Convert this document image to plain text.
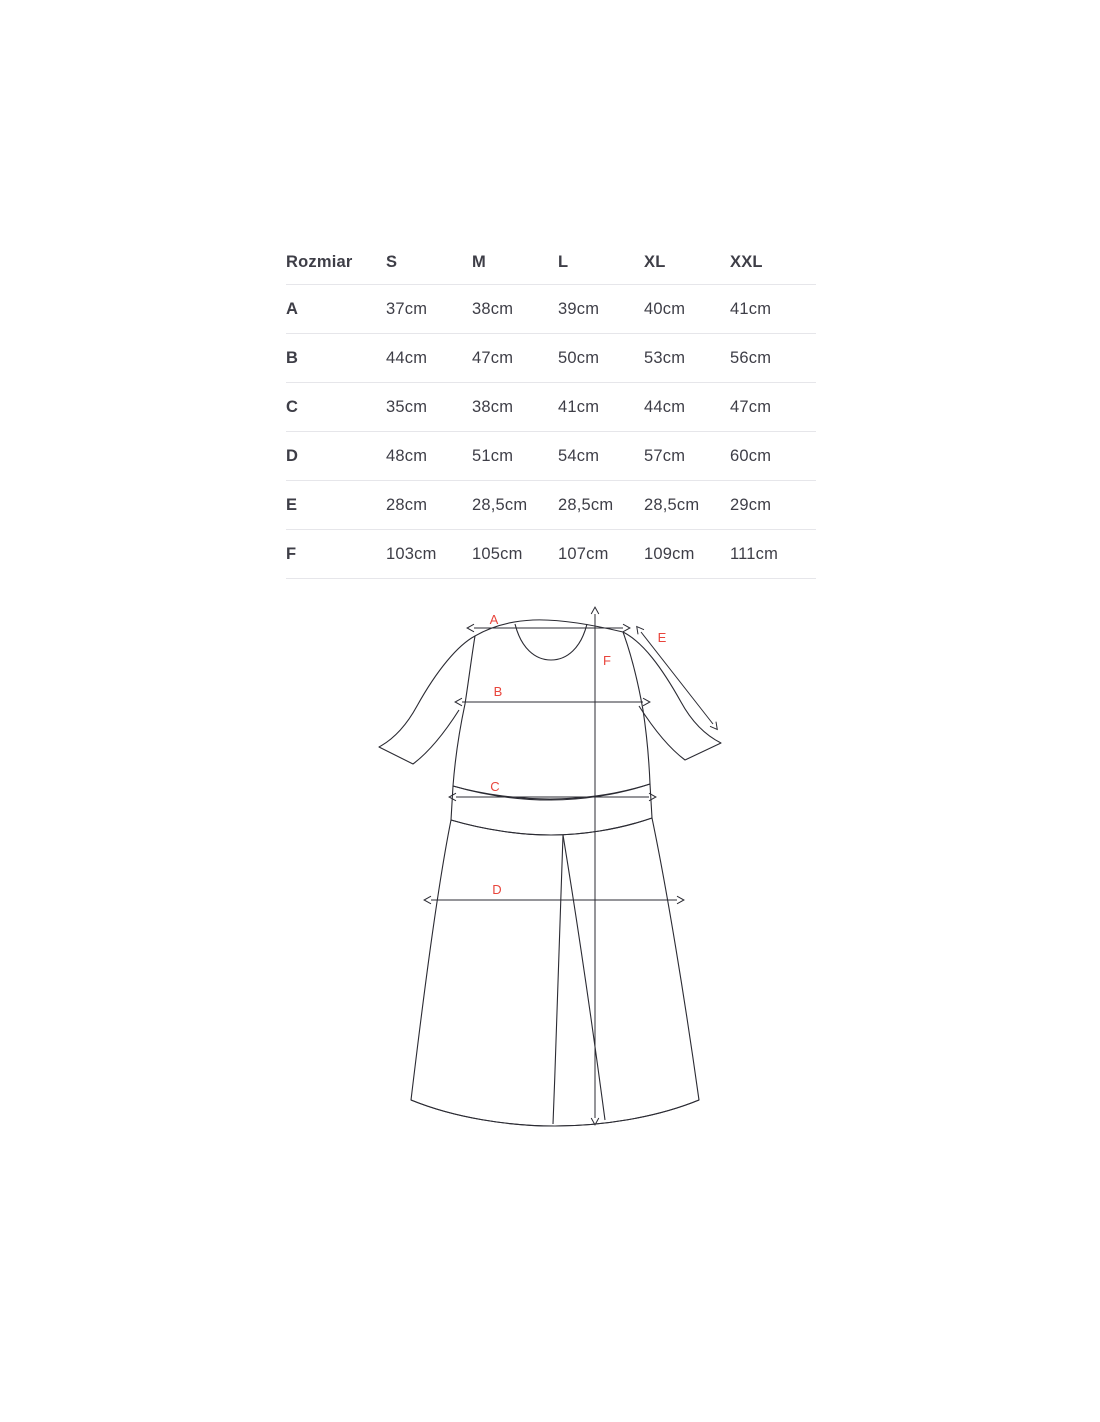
Rozmiar	S	M	L	XL	XXL
A	37cm	38cm	39cm	40cm	41cm
B	44cm	47cm	50cm	53cm	56cm
C	35cm	38cm	41cm	44cm	47cm
D	48cm	51cm	54cm	57cm	60cm
E	28cm	28,5cm	28,5cm	28,5cm	29cm
F	103cm	105cm	107cm	109cm	111cm
A
B
C
D
E
F
